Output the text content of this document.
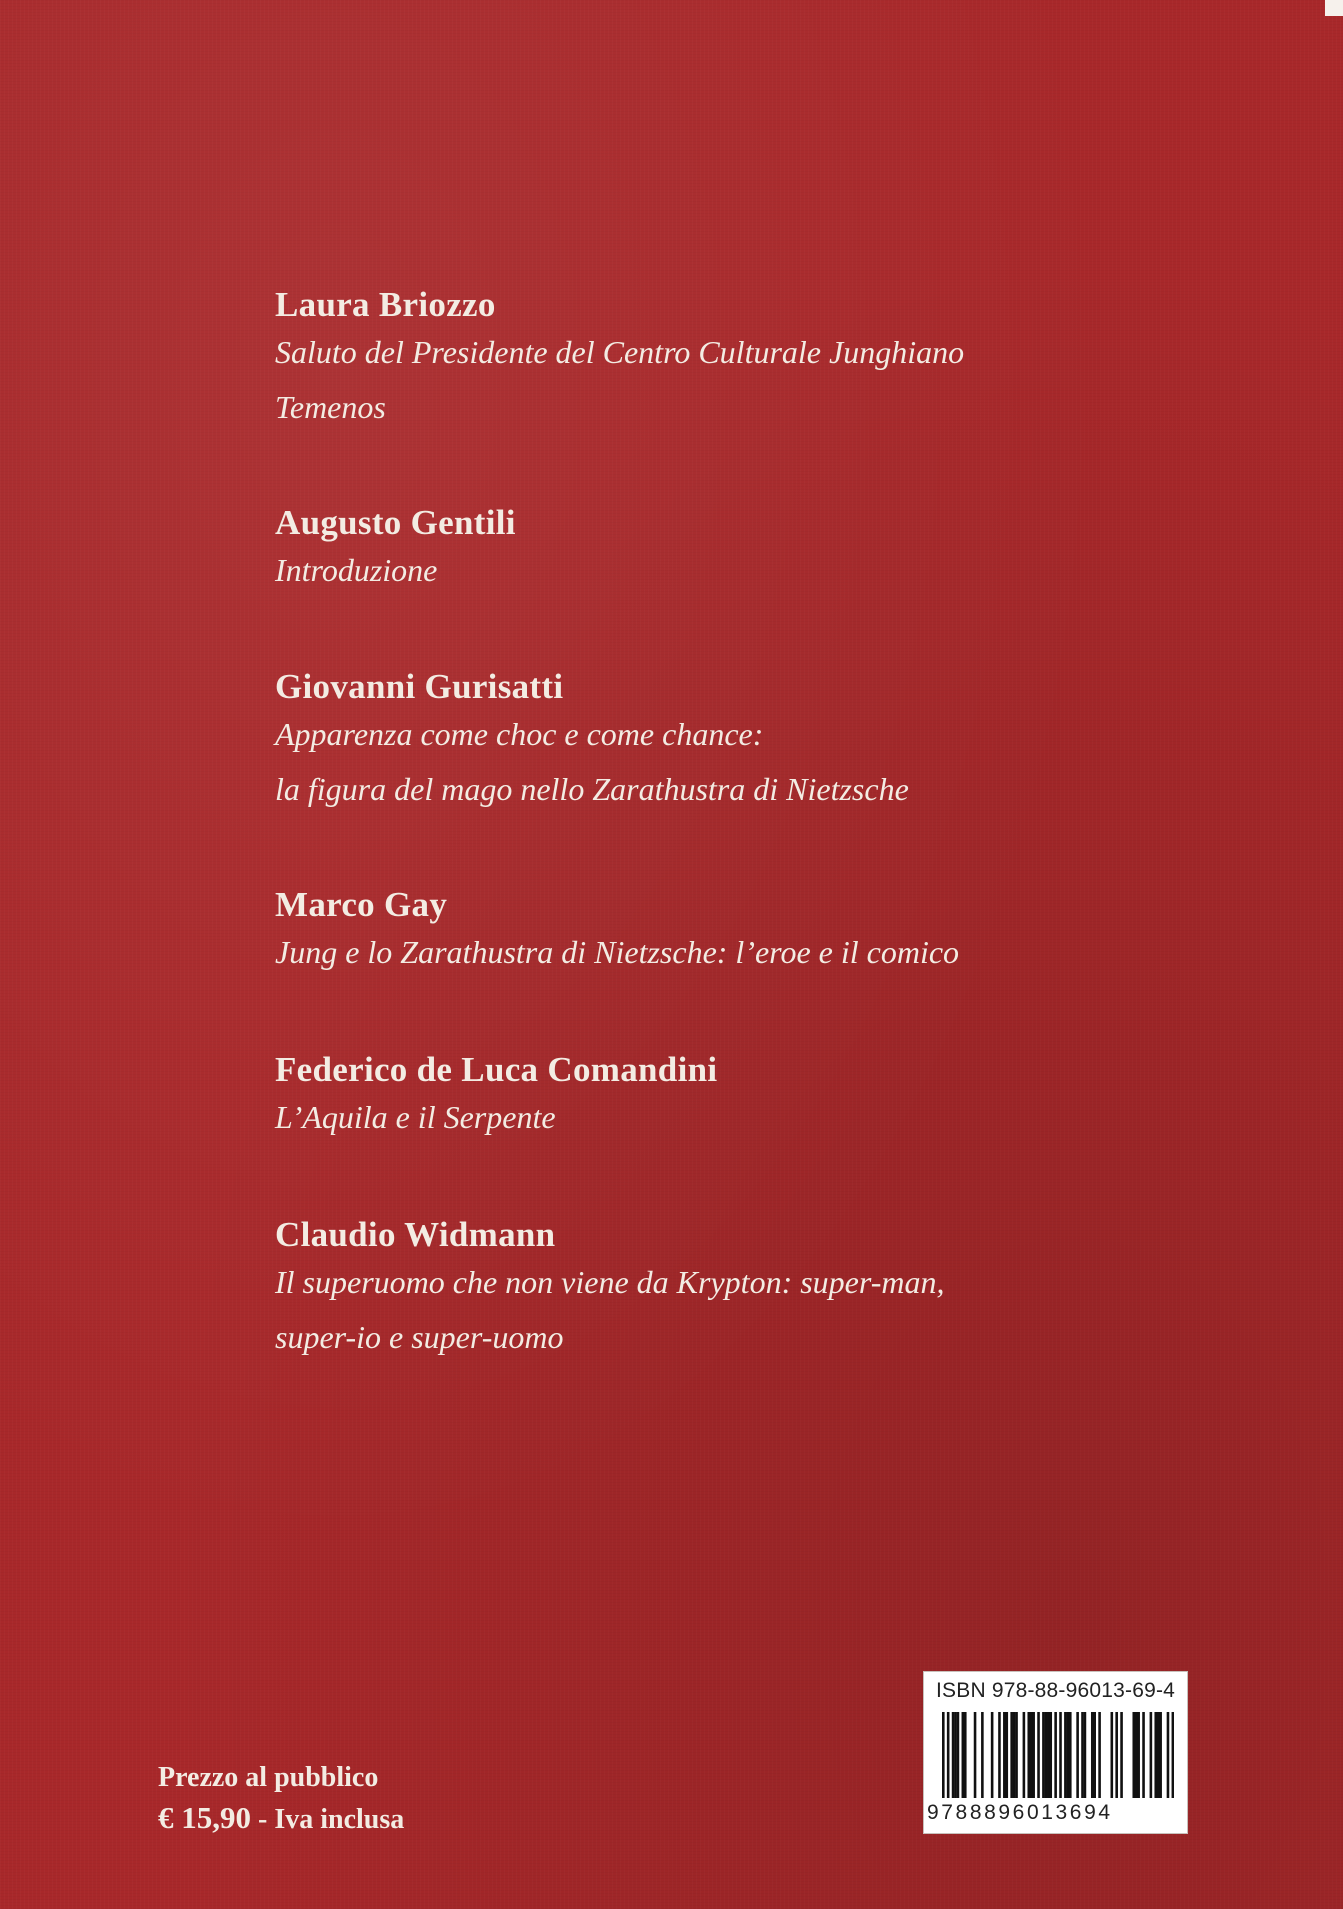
Laura Briozzo
Saluto del Presidente del Centro Culturale Junghiano
Temenos
Augusto Gentili
Introduzione
Giovanni Gurisatti
Apparenza come choc e come chance:
la figura del mago nello Zarathustra di Nietzsche
Marco Gay
Jung e lo Zarathustra di Nietzsche: l’eroe e il comico
Federico de Luca Comandini
L’Aquila e il Serpente
Claudio Widmann
Il superuomo che non viene da Krypton: super-man,
super-io e super-uomo
Prezzo al pubblico
€ 15,90 - Iva inclusa
ISBN 978-88-96013-69-4
9788896013694
